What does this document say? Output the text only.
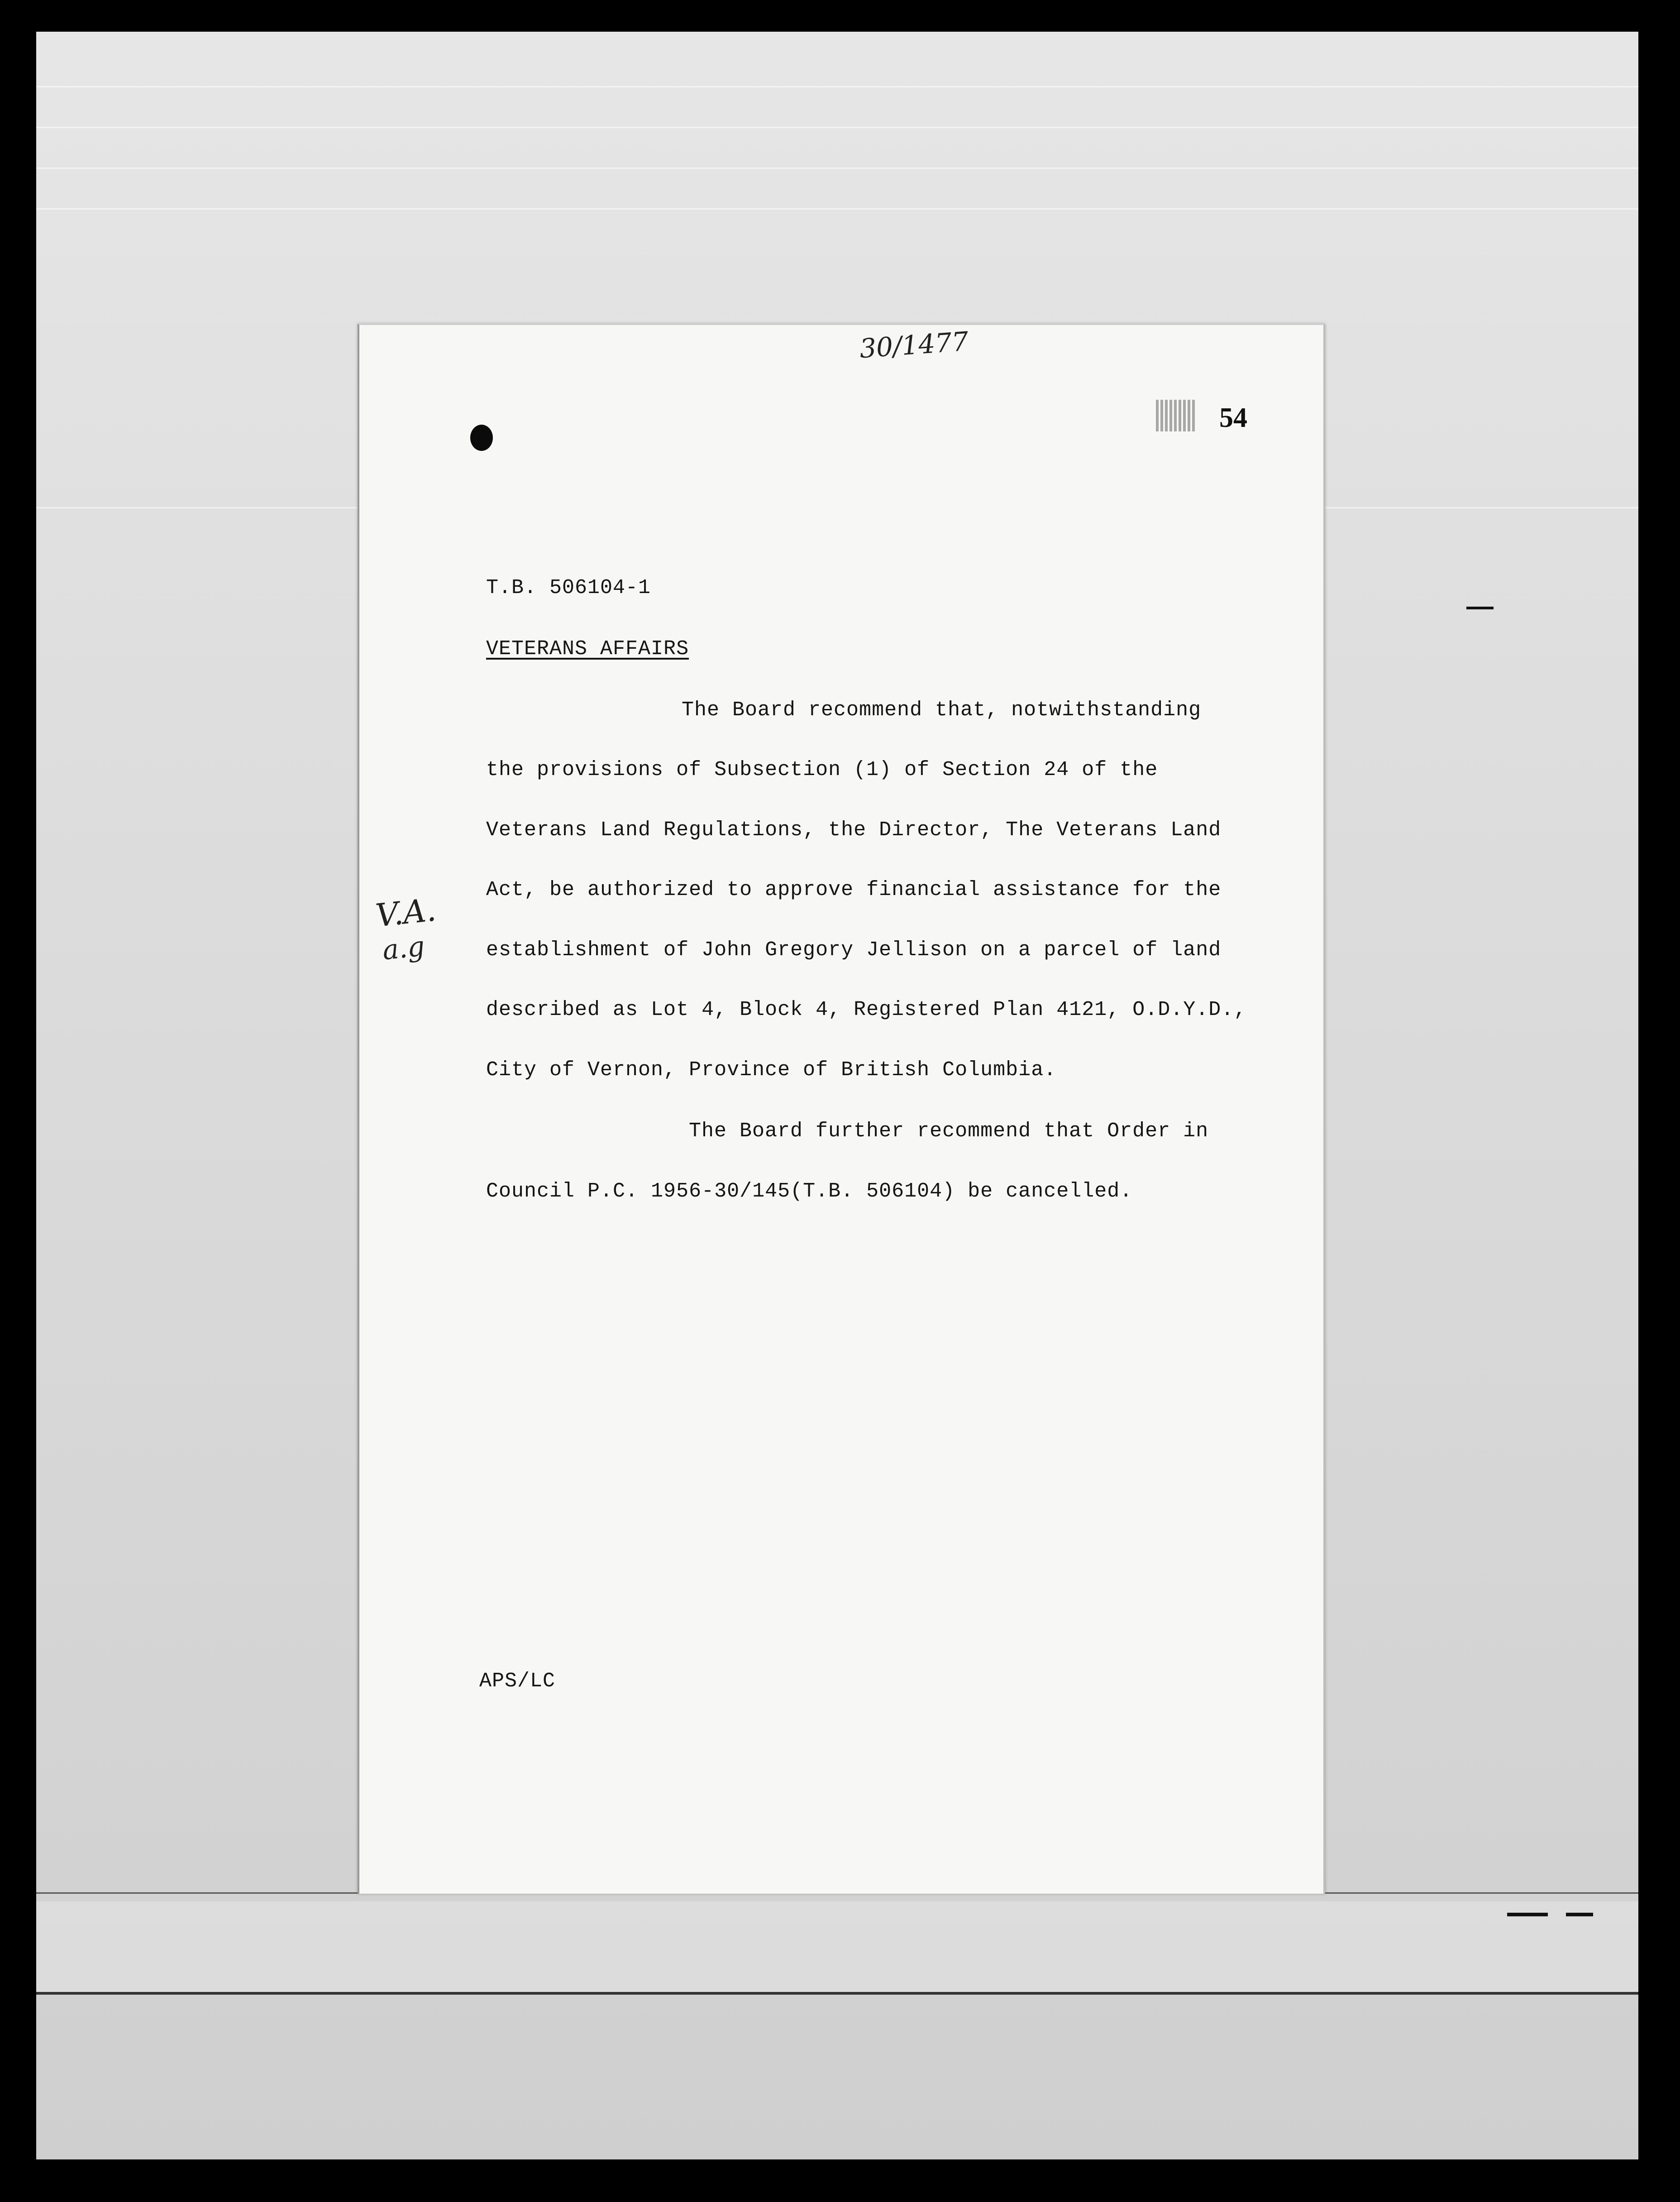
30/1477
54
T.B. 506104-1
VETERANS AFFAIRS
The Board recommend that, notwithstanding
the provisions of Subsection (1) of Section 24 of the
Veterans Land Regulations, the Director, The Veterans Land
Act, be authorized to approve financial assistance for the
establishment of John Gregory Jellison on a parcel of land
described as Lot 4, Block 4, Registered Plan 4121, O.D.Y.D.,
City of Vernon, Province of British Columbia.
The Board further recommend that Order in
Council P.C. 1956-30/145(T.B. 506104) be cancelled.
APS/LC
V.A.
a.g
